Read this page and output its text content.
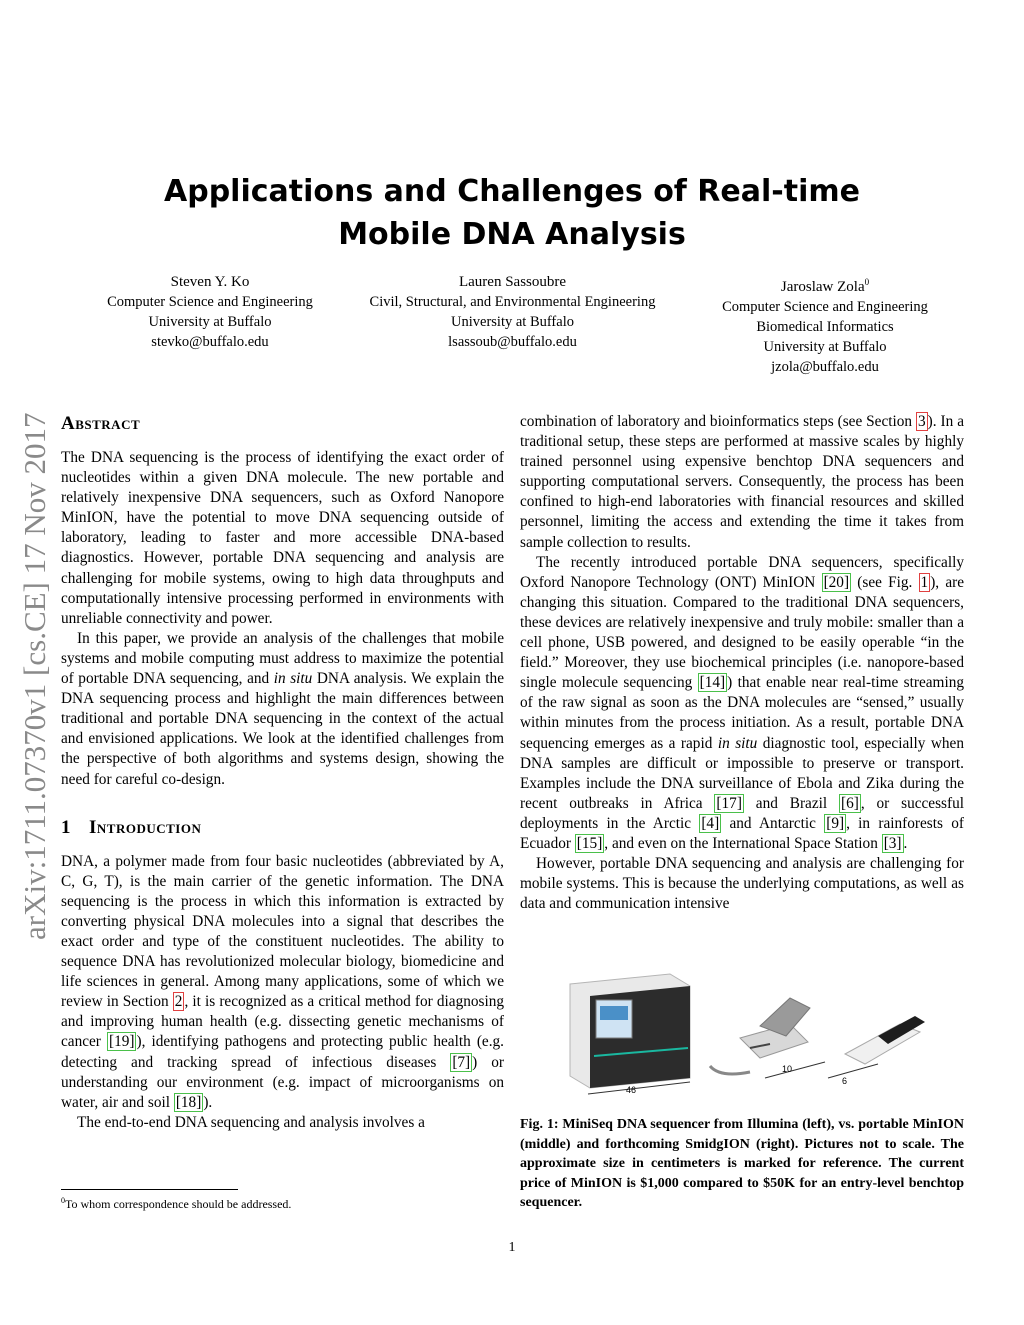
arXiv:1711.07370v1 [cs.CE] 17 Nov 2017
Applications and Challenges of Real-time
Mobile DNA Analysis
Steven Y. Ko
Computer Science and Engineering
University at Buffalo
stevko@buffalo.edu
Lauren Sassoubre
Civil, Structural, and Environmental Engineering
University at Buffalo
lsassoub@buffalo.edu
Jaroslaw Zola$^0$
Computer Science and Engineering
Biomedical Informatics
University at Buffalo
jzola@buffalo.edu
Abstract

The DNA sequencing is the process of identifying the exact order of nucleotides within a given DNA molecule. The new portable and relatively inexpensive DNA sequencers, such as Oxford Nanopore MinION, have the potential to move DNA sequencing outside of laboratory, leading to faster and more accessible DNA-based diagnostics. However, portable DNA sequencing and analysis are challenging for mobile systems, owing to high data throughputs and computationally intensive processing performed in environments with unreliable connectivity and power.

In this paper, we provide an analysis of the challenges that mobile systems and mobile computing must address to maximize the potential of portable DNA sequencing, and in situ DNA analysis. We explain the DNA sequencing process and highlight the main differences between traditional and portable DNA sequencing in the context of the actual and envisioned applications. We look at the identified challenges from the perspective of both algorithms and systems design, showing the need for careful co-design.

1 Introduction

DNA, a polymer made from four basic nucleotides (abbreviated by A, C, G, T), is the main carrier of the genetic information. The DNA sequencing is the process in which this information is extracted by converting physical DNA molecules into a signal that describes the exact order and type of the constituent nucleotides. The ability to sequence DNA has revolutionized molecular biology, biomedicine and life sciences in general. Among many applications, some of which we review in Section 2 , it is recognized as a critical method for diagnosing and improving human health (e.g. dissecting genetic mechanisms of cancer [19] ), identifying pathogens and protecting public health (e.g. detecting and tracking spread of infectious diseases [7] ) or understanding our environment (e.g. impact of microorganisms on water, air and soil [18] ).

The end-to-end DNA sequencing and analysis involves a

combination of laboratory and bioinformatics steps (see Section 3 ). In a traditional setup, these steps are performed at massive scales by highly trained personnel using expensive benchtop DNA sequencers and supporting computational servers. Consequently, the process has been confined to high-end laboratories with financial resources and skilled personnel, limiting the access and extending the time it takes from sample collection to results.

The recently introduced portable DNA sequencers, specifically Oxford Nanopore Technology (ONT) MinION [20] (see Fig. 1 ), are changing this situation. Compared to the traditional DNA sequencers, these devices are relatively inexpensive and truly mobile: smaller than a cell phone, USB powered, and designed to be easily operable “in the field.” Moreover, they use biochemical principles (i.e. nanopore-based single molecule sequencing [14] ) that enable near real-time streaming of the raw signal as soon as the DNA molecules are “sensed,” usually within minutes from the process initiation. As a result, portable DNA sequencing emerges as a rapid in situ diagnostic tool, especially when DNA samples are difficult or impossible to preserve or transport. Examples include the DNA surveillance of Ebola and Zika during the recent outbreaks in Africa [17] and Brazil [6] , or successful deployments in the Arctic [4] and Antarctic [9] , in rainforests of Ecuador [15] , and even on the International Space Station [3] .

However, portable DNA sequencing and analysis are challenging for mobile systems. This is because the underlying computations, as well as data and communication intensive

46
10
6
Fig. 1: MiniSeq DNA sequencer from Illumina (left), vs. portable MinION (middle) and forthcoming SmidgION (right). Pictures not to scale. The approximate size in centimeters is marked for reference. The current price of MinION is $1,000 compared to $50K for an entry-level benchtop sequencer.
$^0$To whom correspondence should be addressed.
1
